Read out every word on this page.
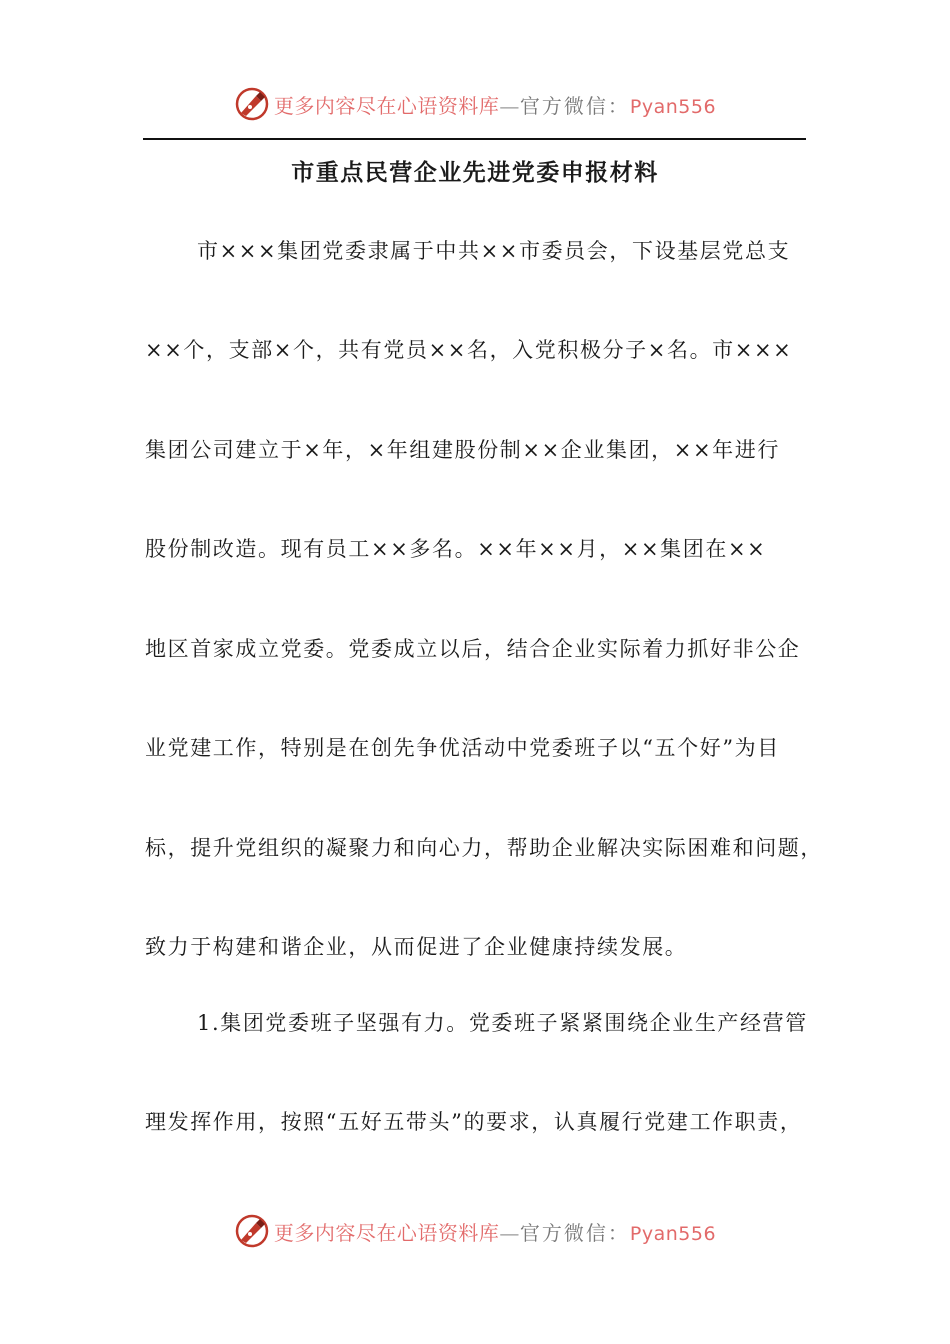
更多内容尽在心语资料库—官方微信：Pyan556
市重点民营企业先进党委申报材料
市×××集团党委隶属于中共××市委员会，下设基层党总支
××个，支部×个，共有党员××名，入党积极分子×名。市×××
集团公司建立于×年，×年组建股份制××企业集团，××年进行
股份制改造。现有员工××多名。××年××月，××集团在××
地区首家成立党委。党委成立以后，结合企业实际着力抓好非公企
业党建工作，特别是在创先争优活动中党委班子以“五个好”为目
标，提升党组织的凝聚力和向心力，帮助企业解决实际困难和问题，
致力于构建和谐企业，从而促进了企业健康持续发展。
1.集团党委班子坚强有力。党委班子紧紧围绕企业生产经营管
理发挥作用，按照“五好五带头”的要求，认真履行党建工作职责，
更多内容尽在心语资料库—官方微信：Pyan556
